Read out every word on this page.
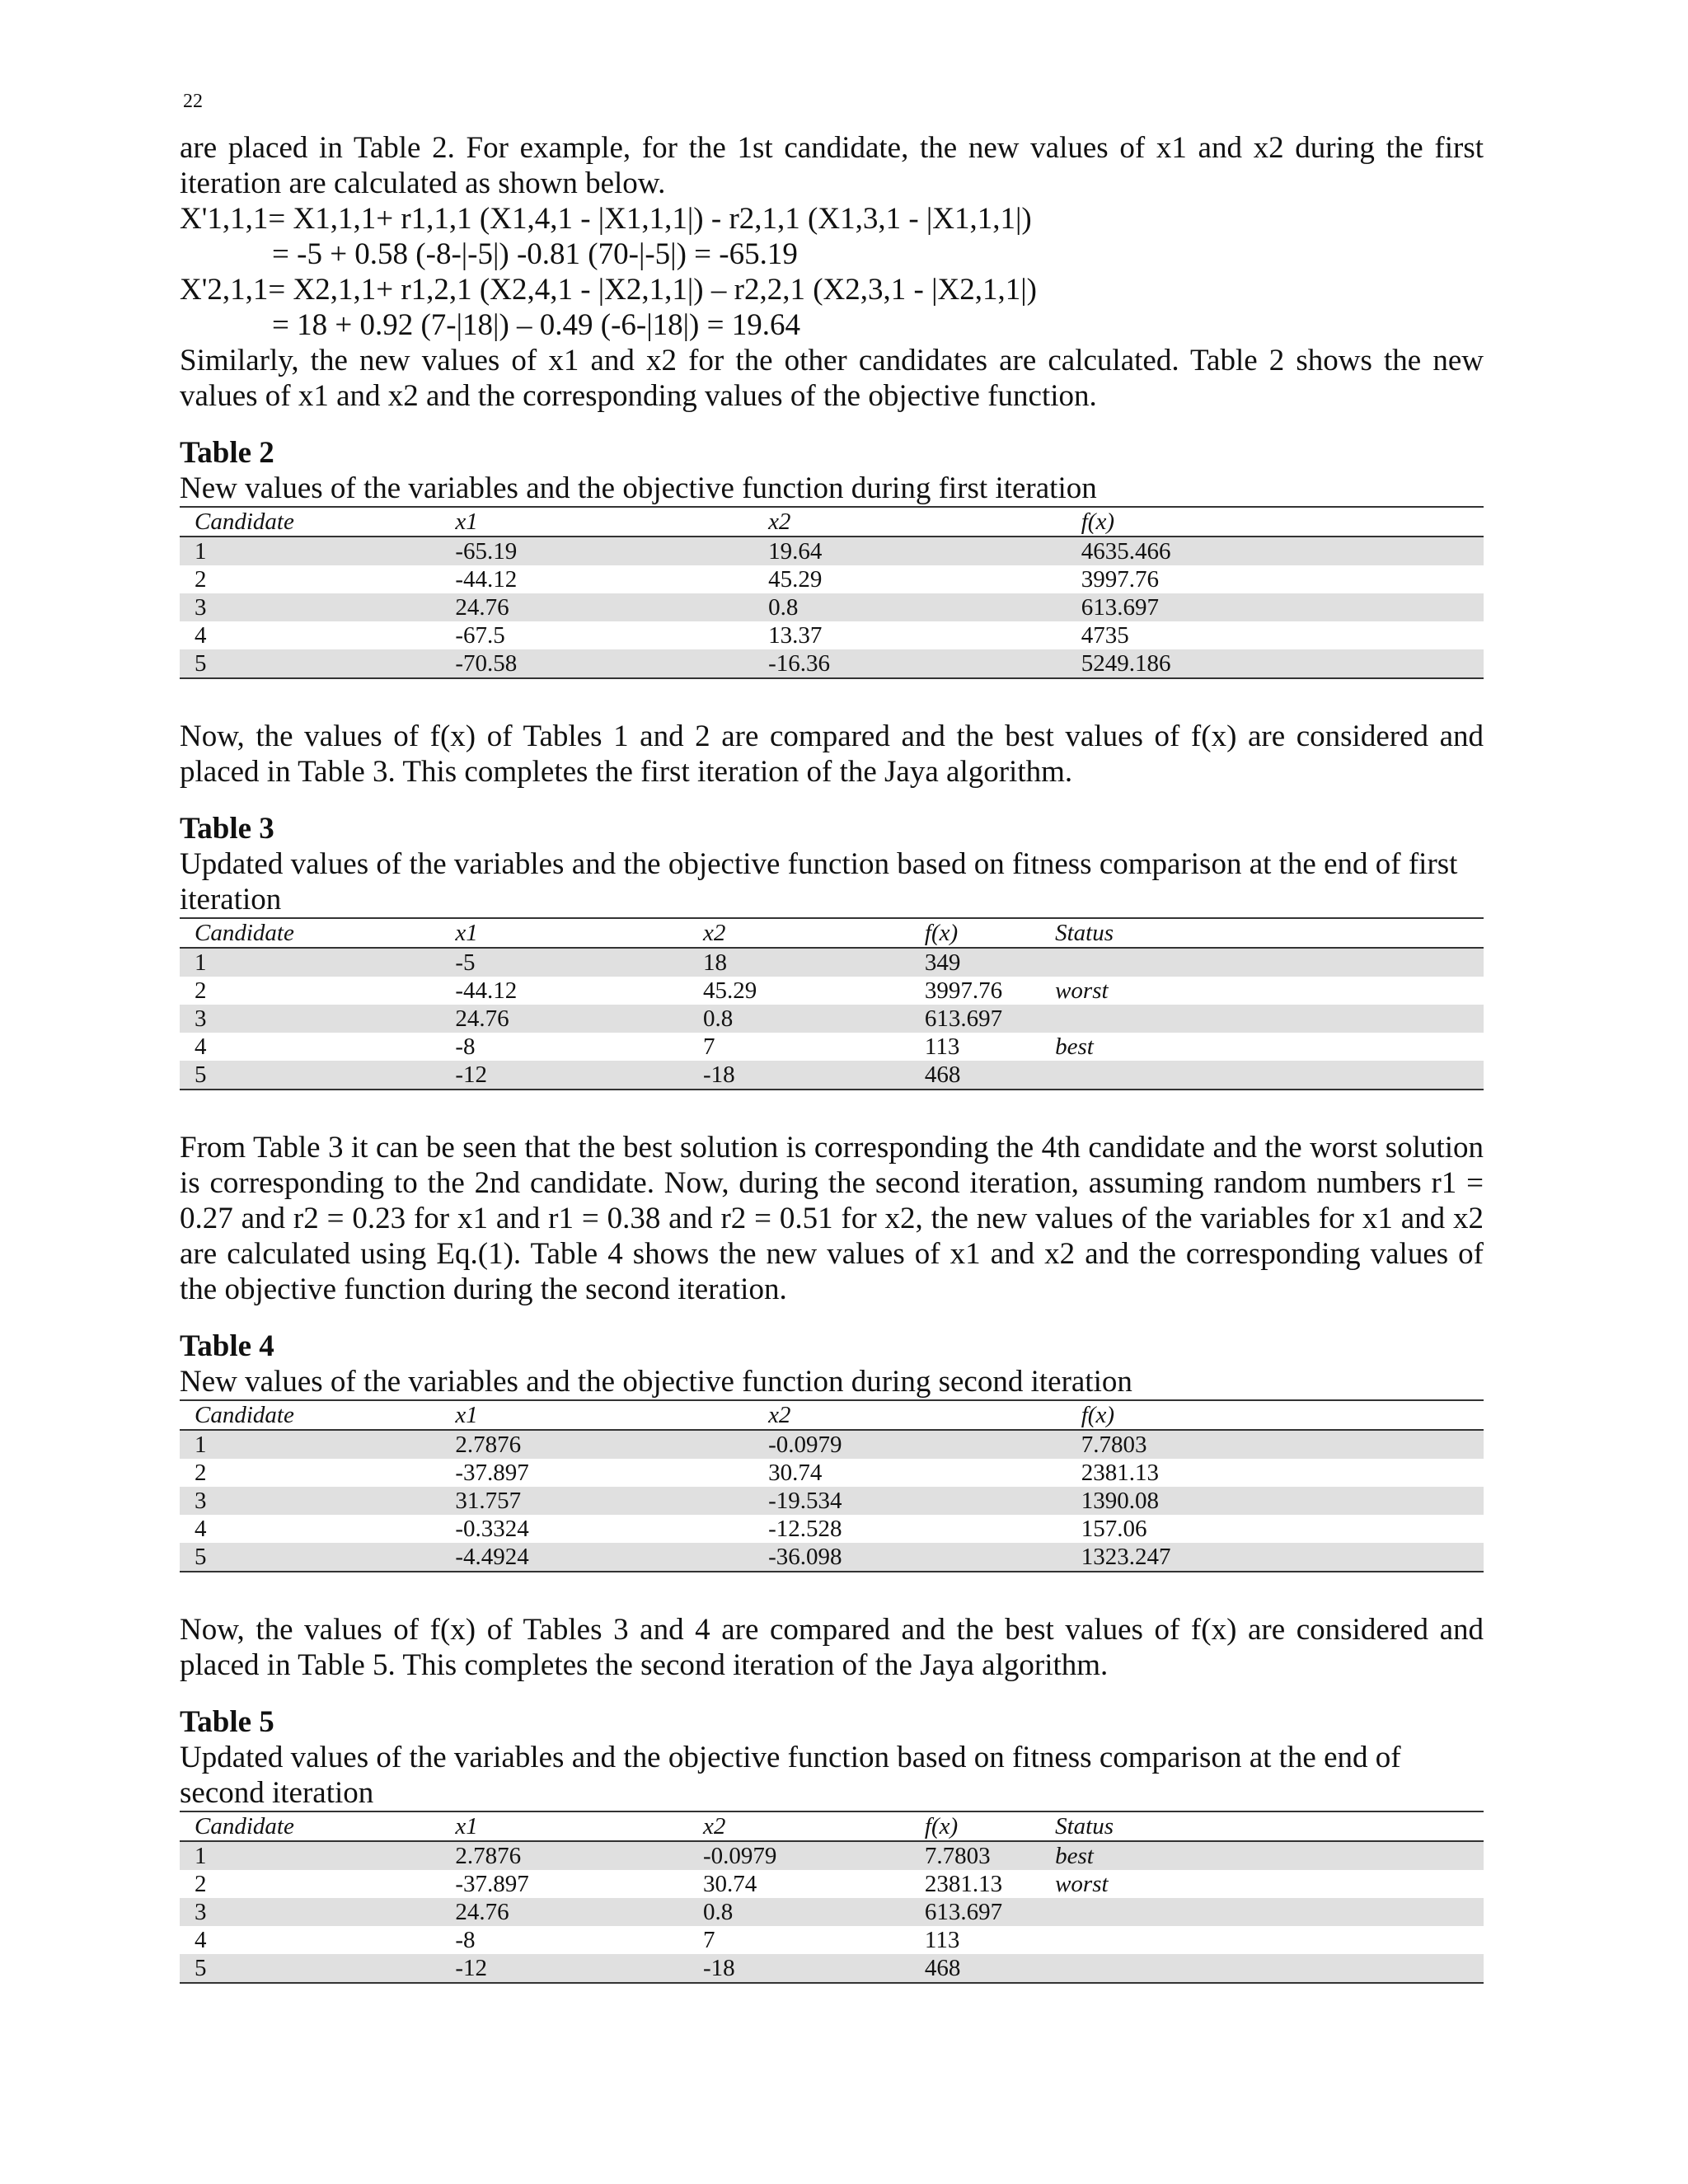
22

are placed in Table 2. For example, for the 1st candidate, the new values of x1 and x2 during the first iteration are calculated as shown below.

X'1,1,1= X1,1,1+ r1,1,1 (X1,4,1 - |X1,1,1|) - r2,1,1 (X1,3,1 - |X1,1,1|)
= -5 + 0.58 (-8-|-5|) -0.81 (70-|-5|) = -65.19
X'2,1,1= X2,1,1+ r1,2,1 (X2,4,1 - |X2,1,1|) – r2,2,1 (X2,3,1 - |X2,1,1|)
= 18 + 0.92 (7-|18|) – 0.49 (-6-|18|) = 19.64

Similarly, the new values of x1 and x2 for the other candidates are calculated. Table 2 shows the new values of x1 and x2 and the corresponding values of the objective function.

Table 2
New values of the variables and the objective function during first iteration
Candidate	x1	x2	f(x)
1	-65.19	19.64	4635.466
2	-44.12	45.29	3997.76
3	24.76	0.8	613.697
4	-67.5	13.37	4735
5	-70.58	-16.36	5249.186

Now, the values of f(x) of Tables 1 and 2 are compared and the best values of f(x) are considered and placed in Table 3. This completes the first iteration of the Jaya algorithm.

Table 3
Updated values of the variables and the objective function based on fitness comparison at the end of first iteration
Candidate	x1	x2	f(x)	Status
1	-5	18	349	
2	-44.12	45.29	3997.76	worst
3	24.76	0.8	613.697	
4	-8	7	113	best
5	-12	-18	468	

From Table 3 it can be seen that the best solution is corresponding the 4th candidate and the worst solution is corresponding to the 2nd candidate. Now, during the second iteration, assuming random numbers r1 = 0.27 and r2 = 0.23 for x1 and r1 = 0.38 and r2 = 0.51 for x2, the new values of the variables for x1 and x2 are calculated using Eq.(1). Table 4 shows the new values of x1 and x2 and the corresponding values of the objective function during the second iteration.

Table 4
New values of the variables and the objective function during second iteration
Candidate	x1	x2	f(x)
1	2.7876	-0.0979	7.7803
2	-37.897	30.74	2381.13
3	31.757	-19.534	1390.08
4	-0.3324	-12.528	157.06
5	-4.4924	-36.098	1323.247

Now, the values of f(x) of Tables 3 and 4 are compared and the best values of f(x) are considered and placed in Table 5. This completes the second iteration of the Jaya algorithm.

Table 5
Updated values of the variables and the objective function based on fitness comparison at the end of second iteration
Candidate	x1	x2	f(x)	Status
1	2.7876	-0.0979	7.7803	best
2	-37.897	30.74	2381.13	worst
3	24.76	0.8	613.697	
4	-8	7	113	
5	-12	-18	468	
